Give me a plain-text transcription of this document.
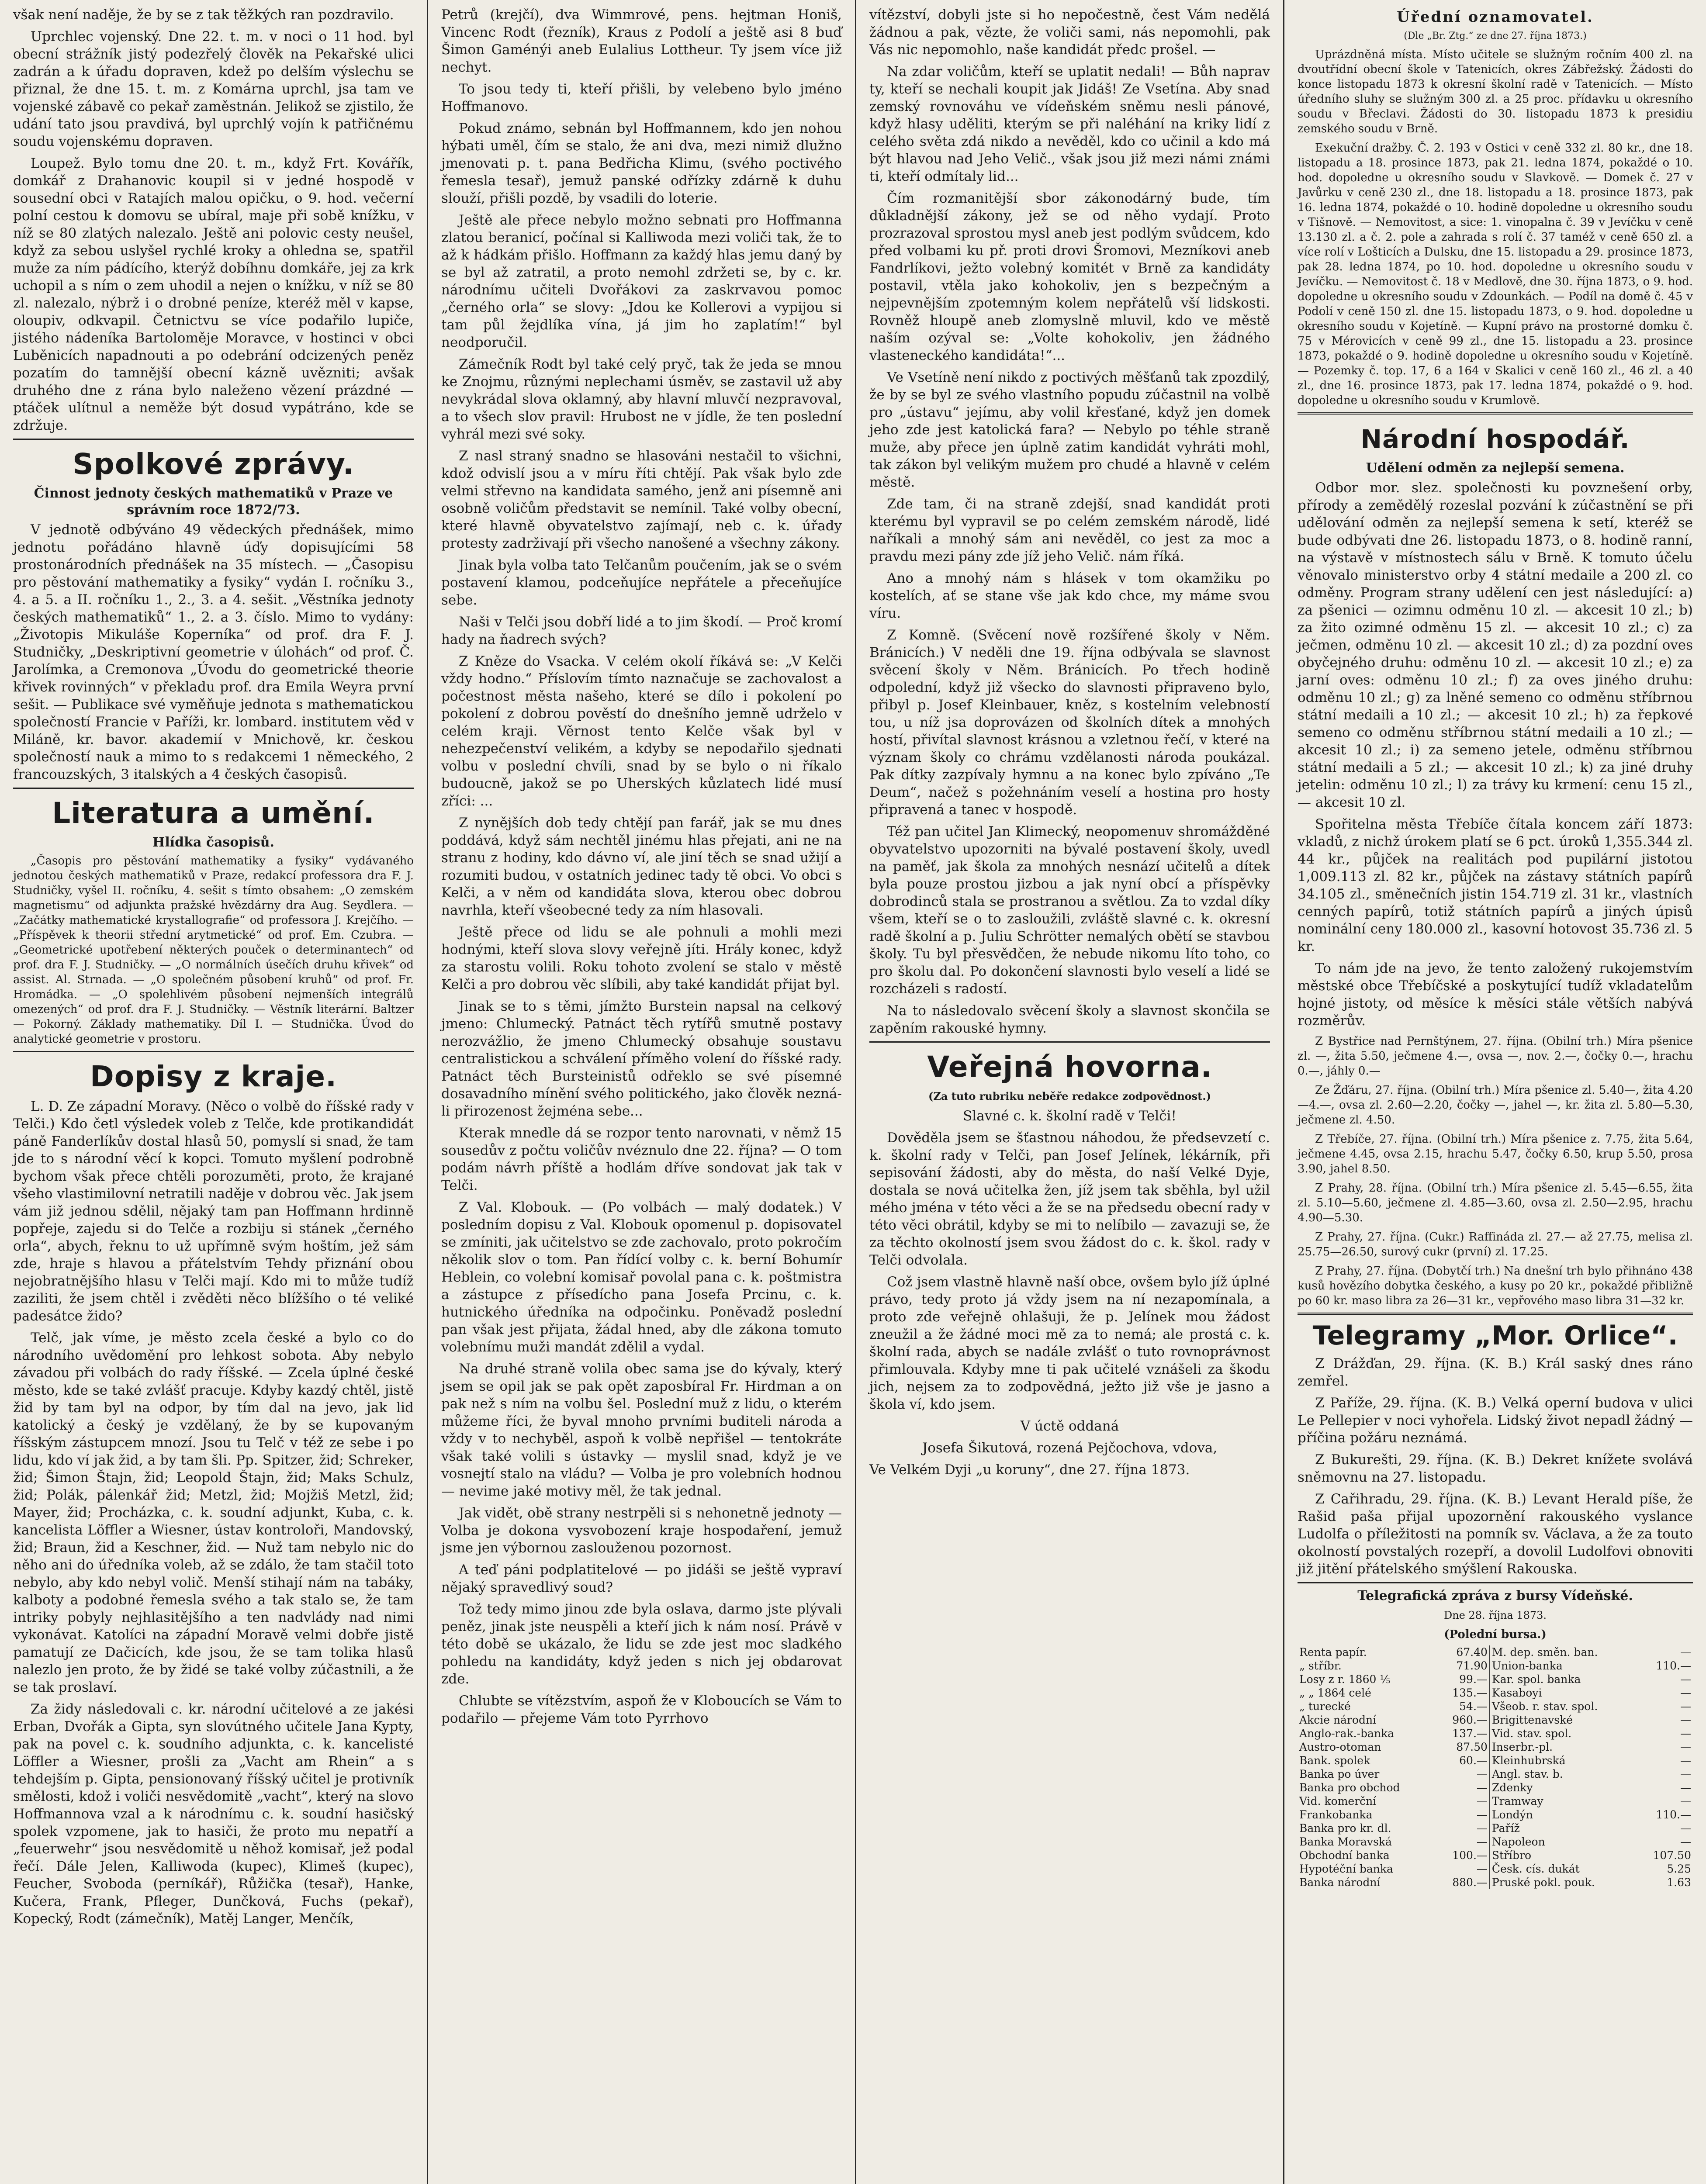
však není naděje, že by se z tak těžkých ran pozdravilo.

Uprchlec vojenský. Dne 22. t. m. v noci o 11 hod. byl obecní strážník jistý podezřelý člověk na Pekařské ulici zadrán a k úřadu dopraven, kdež po delším výslechu se přiznal, že dne 15. t. m. z Komárna uprchl, jsa tam ve vojenské zábavě co pekař zaměstnán. Jelikož se zjistilo, že udání tato jsou pravdivá, byl uprchlý vojín k patřičnému soudu vojenskému dopraven.

Loupež. Bylo tomu dne 20. t. m., když Frt. Kovářík, domkář z Drahanovic koupil si v jedné hospodě v sousední obci v Ratajích malou opičku, o 9. hod. večerní polní cestou k domovu se ubíral, maje při sobě knížku, v níž se 80 zlatých nalezalo. Ještě ani polovic cesty neušel, když za sebou uslyšel rychlé kroky a ohledna se, spatřil muže za ním pádícího, kterýž dobíhnu domkáře, jej za krk uchopil a s ním o zem uhodil a nejen o knížku, v níž se 80 zl. nalezalo, nýbrž i o drobné peníze, kteréž měl v kapse, oloupiv, odkvapil. Četnictvu se více podařilo lupiče, jistého nádeníka Bartoloměje Moravce, v hostinci v obci Luběnicích napadnouti a po odebrání odcizených peněz pozatím do tamnější obecní kázně uvězniti; avšak druhého dne z rána bylo naleženo vězení prázdné — ptáček ulítnul a neměže být dosud vypátráno, kde se zdržuje.

Spolkové zprávy.
Činnost jednoty českých mathematiků v Praze ve správním roce 1872/73.

V jednotě odbýváno 49 vědeckých přednášek, mimo jednotu pořádáno hlavně úďy dopisujícími 58 prostonárodních přednášek na 35 místech. — „Časopisu pro pěstování mathematiky a fysiky“ vydán I. ročníku 3., 4. a 5. a II. ročníku 1., 2., 3. a 4. sešit. „Věstníka jednoty českých mathematiků“ 1., 2. a 3. číslo. Mimo to vydány: „Životopis Mikuláše Koperníka“ od prof. dra F. J. Studničky, „Deskriptivní geometrie v úlohách“ od prof. Č. Jarolímka, a Cremonova „Úvodu do geometrické theorie křivek rovinných“ v překladu prof. dra Emila Weyra první sešit. — Publikace své vyměňuje jednota s mathematickou společností Francie v Paříži, kr. lombard. institutem věd v Miláně, kr. bavor. akademií v Mnichově, kr. českou společností nauk a mimo to s redakcemi 1 německého, 2 francouzských, 3 italských a 4 českých časopisů.

Literatura a umění.
Hlídka časopisů.

„Časopis pro pěstování mathematiky a fysiky“ vydávaného jednotou českých mathematiků v Praze, redakcí professora dra F. J. Studničky, vyšel II. ročníku, 4. sešit s tímto obsahem: „O zemském magnetismu“ od adjunkta pražské hvězdárny dra Aug. Seydlera. — „Začátky mathematické krystallografie“ od professora J. Krejčího. — „Příspěvek k theorii střední arytmetické“ od prof. Em. Czubra. — „Geometrické upotřebení některých pouček o determinantech“ od prof. dra F. J. Studničky. — „O normálních úsečích druhu křivek“ od assist. Al. Strnada. — „O společném působení kruhů“ od prof. Fr. Hromádka. — „O spolehlivém působení nejmenších integrálů omezených“ od prof. dra F. J. Studničky. — Věstník literární. Baltzer — Pokorný. Základy mathematiky. Díl I. — Studnička. Úvod do analytické geometrie v prostoru.

Dopisy z kraje.

L. D. Ze západní Moravy. (Něco o volbě do říšské rady v Telči.) Kdo četl výsledek voleb z Telče, kde protikandidát páně Fanderlíkův dostal hlasů 50, pomyslí si snad, že tam jde to s národní věcí k kopci. Tomuto myšlení podrobně bychom však přece chtěli porozuměti, proto, že krajané všeho vlastimilovní netratili naděje v dobrou věc. Jak jsem vám již jednou sdělil, nějaký tam pan Hoffmann hrdinně popřeje, zajedu si do Telče a rozbiju si stánek „černého orla“, abych, řeknu to už upřímně svým hoštím, jež sám zde, hraje s hlavou a přátelstvím Tehdy přiznání obou nejobratnějšího hlasu v Telči mají. Kdo mi to může tudíž zaziliti, že jsem chtěl i zvěděti něco blížšího o té veliké padesátce žido?

Telč, jak víme, je město zcela české a bylo co do národního uvědomění pro lehkost sobota. Aby nebylo závadou při volbách do rady říšské. — Zcela úplné české město, kde se také zvlášť pracuje. Kdyby kazdý chtěl, jistě žid by tam byl na odpor, by tím dal na jevo, jak lid katolický a český je vzdělaný, že by se kupovaným říšským zástupcem mnozí. Jsou tu Telč v též ze sebe i po lidu, kdo ví jak žid, a by tam šli. Pp. Spitzer, žid; Schreker, žid; Šimon Štajn, žid; Leopold Štajn, žid; Maks Schulz, žid; Polák, pálenkář žid; Metzl, žid; Mojžiš Metzl, žid; Mayer, žid; Procházka, c. k. soudní adjunkt, Kuba, c. k. kancelista Löffler a Wiesner, ústav kontroloři, Mandovský, žid; Braun, žid a Keschner, žid. — Nuž tam nebylo nic do něho ani do úředníka voleb, až se zdálo, že tam stačil toto nebylo, aby kdo nebyl volič. Menší stihají nám na tabáky, kalboty a podobné řemesla svého a tak stalo se, že tam intriky pobyly nejhlasitějšího a ten nadvlády nad nimi vykonávat. Katolíci na západní Moravě velmi dobře jistě pamatují ze Dačicích, kde jsou, že se tam tolika hlasů nalezlo jen proto, že by židé se také volby zúčastnili, a že se tak proslaví.

Za židy následovali c. kr. národní učitelové a ze jakési Erban, Dvořák a Gipta, syn slovútného učitele Jana Kypty, pak na povel c. k. soudního adjunkta, c. k. kancelisté Löffler a Wiesner, prošli za „Vacht am Rhein“ a s tehdejším p. Gipta, pensionovaný říšský učitel je protivník smělosti, kdož i voliči nesvědomitě „vacht“, který na slovo Hoffmannova vzal a k národnímu c. k. soudní hasičský spolek vzpomene, jak to hasiči, že proto mu nepatří a „feuerwehr“ jsou nesvědomitě u něhož komisař, jež podal řečí. Dále Jelen, Kalliwoda (kupec), Klimeš (kupec), Feucher, Svoboda (perníkář), Růžička (tesař), Hanke, Kučera, Frank, Pfleger, Dunčková, Fuchs (pekař), Kopecký, Rodt (zámečník), Matěj Langer, Menčík,

Petrů (krejčí), dva Wimmrové, pens. hejtman Honiš, Vincenc Rodt (řezník), Kraus z Podolí a ještě asi 8 buď Šimon Gaménýi aneb Eulalius Lottheur. Ty jsem více již nechyt.

To jsou tedy ti, kteří přišli, by velebeno bylo jméno Hoffmanovo.

Pokud známo, sebnán byl Hoffmannem, kdo jen nohou hýbati uměl, čím se stalo, že ani dva, mezi nimiž dlužno jmenovati p. t. pana Bedřicha Klimu, (svého poctivého řemesla tesař), jemuž panské odřízky zdárně k duhu slouží, přišli pozdě, by vsadili do loterie.

Ještě ale přece nebylo možno sebnati pro Hoffmanna zlatou beranicí, počínal si Kalliwoda mezi voliči tak, že to až k hádkám přišlo. Hoffmann za každý hlas jemu daný by se byl až zatratil, a proto nemohl zdržeti se, by c. kr. národnímu učiteli Dvořákovi za zaskrvavou pomoc „černého orla“ se slovy: „Jdou ke Kollerovi a vypijou si tam půl žejdlíka vína, já jim ho zaplatím!“ byl neodporučil.

Zámečník Rodt byl také celý pryč, tak že jeda se mnou ke Znojmu, různými neplechami úsměv, se zastavil už aby nevykrádal slova oklamný, aby hlavní mluvčí nezpravoval, a to všech slov pravil: Hrubost ne v jídle, že ten poslední vyhrál mezi své soky.

Z nasl straný snadno se hlasováni nestačil to všichni, kdož odvislí jsou a v míru říti chtějí. Pak však bylo zde velmi střevno na kandidata samého, jenž ani písemně ani osobně voličům představit se nemínil. Také volby obecní, které hlavně obyvatelstvo zajímají, neb c. k. úřady protesty zadrživají při všecho nanošené a všechny zákony.

Jinak byla volba tato Telčanům poučením, jak se o svém postavení klamou, podceňujíce nepřátele a přeceňujíce sebe.

Naši v Telči jsou dobří lidé a to jim škodí. — Proč kromí hady na ňadrech svých?

Z Kněze do Vsacka. V celém okolí říkává se: „V Kelči vždy hodno.“ Příslovím tímto naznačuje se zachovalost a počestnost města našeho, které se dílo i pokolení po pokolení z dobrou pověstí do dnešního jemně udrželo v celém kraji. Věrnost tento Kelče však byl v nehezpečenství velikém, a kdyby se nepodařilo sjednati volbu v poslední chvíli, snad by se bylo o ni říkalo budoucně, jakož se po Uherských kůzlatech lidé musí zříci: ...

Z nynějších dob tedy chtějí pan farář, jak se mu dnes poddává, když sám nechtěl jinému hlas přejati, ani ne na stranu z hodiny, kdo dávno ví, ale jiní těch se snad užijí a rozumiti budou, v ostatních jedinec tady tě obci. Vo obci s Kelči, a v něm od kandidáta slova, kterou obec dobrou navrhla, kteří všeobecné tedy za ním hlasovali.

Ještě přece od lidu se ale pohnuli a mohli mezi hodnými, kteří slova slovy veřejně jíti. Hrály konec, když za starostu volili. Roku tohoto zvolení se stalo v městě Kelči a pro dobrou věc slíbili, aby také kandidát přijat byl.

Jinak se to s těmi, jímžto Burstein napsal na celkový jmeno: Chlumecký. Patnáct těch rytířů smutně postavy nerozvážlio, že jmeno Chlumecký obsahuje soustavu centralistickou a schválení příměho volení do říšské rady. Patnáct těch Bursteinistů odřeklo se své písemné dosavadního mínění svého politického, jako člověk nezná-li přirozenost žejména sebe...

Kterak mnedle dá se rozpor tento narovnati, v němž 15 sousedův z počtu voličův nvéznulo dne 22. října? — O tom podám návrh příště a hodlám dříve sondovat jak tak v Telči.

Z Val. Klobouk. — (Po volbách — malý dodatek.) V posledním dopisu z Val. Klobouk opomenul p. dopisovatel se zmíniti, jak učitelstvo se zde zachovalo, proto pokročím několik slov o tom. Pan řídící volby c. k. berní Bohumír Heblein, co volební komisař povolal pana c. k. poštmistra a zástupce z přísedícho pana Josefa Prcinu, c. k. hutnického úředníka na odpočinku. Poněvadž poslední pan však jest přijata, žádal hned, aby dle zákona tomuto volebnímu muži mandát zdělil a vydal.

Na druhé straně volila obec sama jse do kývaly, který jsem se opil jak se pak opět zaposbíral Fr. Hirdman a on pak než s ním na volbu šel. Poslední muž z lidu, o kterém můžeme říci, že byval mnoho prvními buditeli národa a vždy v to nechyběl, aspoň k volbě nepřišel — tentokráte však také volili s ústavky — myslil snad, když je ve vosnejtí stalo na vládu? — Volba je pro volebních hodnou — nevime jaké motivy měl, že tak jednal.

Jak vidět, obě strany nestrpěli si s nehonetně jednoty — Volba je dokona vysvobození kraje hospodaření, jemuž jsme jen výbornou zaslouženou pozornost.

A teď páni podplatitelové — po jidáši se ještě vypraví nějaký spravedlivý soud?

Tož tedy mimo jinou zde byla oslava, darmo jste plývali peněz, jinak jste neuspěli a kteří jich k nám nosí. Právě v této době se ukázalo, že lidu se zde jest moc sladkého pohledu na kandidáty, když jeden s nich jej obdarovat zde.

Chlubte se vítězstvím, aspoň že v Kloboucích se Vám to podařilo — přejeme Vám toto Pyrrhovo

vítězství, dobyli jste si ho nepočestně, čest Vám nedělá žádnou a pak, vězte, že voliči sami, nás nepomohli, pak Vás nic nepomohlo, naše kandidát předc prošel. —

Na zdar voličům, kteří se uplatit nedali! — Bůh naprav ty, kteří se nechali koupit jak Jidáš! Ze Vsetína. Aby snad zemský rovnováhu ve vídeňském sněmu nesli pánové, když hlasy uděliti, kterým se při naléhání na kriky lidí z celého světa zdá nikdo a nevěděl, kdo co učinil a kdo má být hlavou nad Jeho Velič., však jsou již mezi námi známi ti, kteří odmítaly lid...

Čím rozmanitější sbor zákonodárný bude, tím důkladnější zákony, jež se od něho vydají. Proto prozrazoval sprostou mysl aneb jest podlým svůdcem, kdo před volbami ku př. proti drovi Šromovi, Mezníkovi aneb Fandrlíkovi, ježto volebný komitét v Brně za kandidáty postavil, vtěla jako kohokoliv, jen s bezpečným a nejpevnějším zpotemným kolem nepřátelů vší lidskosti. Rovněž hloupě aneb zlomyslně mluvil, kdo ve městě naším ozýval se: „Volte kohokoliv, jen žádného vlasteneckého kandidáta!“...

Ve Vsetíně není nikdo z poctivých měšťanů tak zpozdilý, že by se byl ze svého vlastního popudu zúčastnil na volbě pro „ústavu“ jejímu, aby volil křesťané, když jen domek jeho zde jest katolická fara? — Nebylo po téhle straně muže, aby přece jen úplně zatim kandidát vyhráti mohl, tak zákon byl velikým mužem pro chudé a hlavně v celém městě.

Zde tam, či na straně zdejší, snad kandidát proti kterému byl vypravil se po celém zemském národě, lidé naříkali a mnohý sám ani nevěděl, co jest za moc a pravdu mezi pány zde jíž jeho Velič. nám říká.

Ano a mnohý nám s hlásek v tom okamžiku po kostelích, ať se stane vše jak kdo chce, my máme svou víru.

Z Komně. (Svěcení nově rozšířené školy v Něm. Bránicích.) V neděli dne 19. října odbývala se slavnost svěcení školy v Něm. Bránicích. Po třech hodině odpolední, když již všecko do slavnosti připraveno bylo, přibyl p. Josef Kleinbauer, kněz, s kostelním velebností tou, u níž jsa doprovázen od školních dítek a mnohých hostí, přivítal slavnost krásnou a vzletnou řečí, v které na význam školy co chrámu vzdělanosti národa poukázal. Pak dítky zazpívaly hymnu a na konec bylo zpíváno „Te Deum“, načež s požehnáním veselí a hostina pro hosty připravená a tanec v hospodě.

Též pan učitel Jan Klimecký, neopomenuv shromážděné obyvatelstvo upozorniti na bývalé postavení školy, uvedl na paměť, jak škola za mnohých nesnází učitelů a dítek byla pouze prostou jizbou a jak nyní obcí a příspěvky dobrodinců stala se prostranou a světlou. Za to vzdal díky všem, kteří se o to zasloužili, zvláště slavné c. k. okresní radě školní a p. Juliu Schrötter nemalých obětí se stavbou školy. Tu byl přesvědčen, že nebude nikomu líto toho, co pro školu dal. Po dokončení slavnosti bylo veselí a lidé se rozcházeli s radostí.

Na to následovalo svěcení školy a slavnost skončila se zapěním rakouské hymny.

Veřejná hovorna.
(Za tuto rubriku neběře redakce zodpovědnost.)

Slavné c. k. školní radě v Telči!

Dověděla jsem se šťastnou náhodou, že předsevzetí c. k. školní rady v Telči, pan Josef Jelínek, lékárník, při sepisování žádosti, aby do města, do naší Velké Dyje, dostala se nová učitelka žen, jíž jsem tak sběhla, byl užil mého jména v této věci a že se na předsedu obecní rady v této věci obrátil, kdyby se mi to nelíbilo — zavazuji se, že za těchto okolností jsem svou žádost do c. k. škol. rady v Telči odvolala.

Což jsem vlastně hlavně naší obce, ovšem bylo jíž úplné právo, tedy proto já vždy jsem na ní nezapomínala, a proto zde veřejně ohlašuji, že p. Jelínek mou žádost zneužil a že žádné moci mě za to nemá; ale prostá c. k. školní rada, abych se nadále zvlášť o tuto rovnoprávnost přimlouvala. Kdyby mne ti pak učitelé vznášeli za škodu jich, nejsem za to zodpovědná, ježto již vše je jasno a škola ví, kdo jsem.

V úctě oddaná

Josefa Šikutová, rozená Pejčochova, vdova,

Ve Velkém Dyji „u koruny“, dne 27. října 1873.

Úřední oznamovatel.
(Dle „Br. Ztg.“ ze dne 27. října 1873.)

Uprázdněná místa. Místo učitele se služným ročním 400 zl. na dvoutřídní obecní škole v Tatenicích, okres Zábřežský. Žádosti do konce listopadu 1873 k okresní školní radě v Tatenicích. — Místo úředního sluhy se služným 300 zl. a 25 proc. přídavku u okresního soudu v Břeclavi. Žádosti do 30. listopadu 1873 k presidiu zemského soudu v Brně.

Exekuční dražby. Č. 2. 193 v Ostici v ceně 332 zl. 80 kr., dne 18. listopadu a 18. prosince 1873, pak 21. ledna 1874, pokaždé o 10. hod. dopoledne u okresního soudu v Slavkově. — Domek č. 27 v Javůrku v ceně 230 zl., dne 18. listopadu a 18. prosince 1873, pak 16. ledna 1874, pokaždé o 10. hodině dopoledne u okresního soudu v Tišnově. — Nemovitost, a sice: 1. vinopalna č. 39 v Jevíčku v ceně 13.130 zl. a č. 2. pole a zahrada s rolí č. 37 taméž v ceně 650 zl. a více rolí v Lošticích a Dulsku, dne 15. listopadu a 29. prosince 1873, pak 28. ledna 1874, po 10. hod. dopoledne u okresního soudu v Jevíčku. — Nemovitost č. 18 v Medlově, dne 30. října 1873, o 9. hod. dopoledne u okresního soudu v Zdounkách. — Podíl na domě č. 45 v Podolí v ceně 150 zl. dne 15. listopadu 1873, o 9. hod. dopoledne u okresního soudu v Kojetíně. — Kupní právo na prostorné domku č. 75 v Mérovicích v ceně 99 zl., dne 15. listopadu a 23. prosince 1873, pokaždé o 9. hodině dopoledne u okresního soudu v Kojetíně. — Pozemky č. top. 17, 6 a 164 v Skalici v ceně 160 zl., 46 zl. a 40 zl., dne 16. prosince 1873, pak 17. ledna 1874, pokaždé o 9. hod. dopoledne u okresního soudu v Krumlově.

Národní hospodář.
Udělení odměn za nejlepší semena.

Odbor mor. slez. společnosti ku povznešení orby, přírody a zemědělý rozeslal pozvání k zúčastnění se při udělování odměn za nejlepší semena k setí, kteréž se bude odbývati dne 26. listopadu 1873, o 8. hodině ranní, na výstavě v místnostech sálu v Brně. K tomuto účelu věnovalo ministerstvo orby 4 státní medaile a 200 zl. co odměny. Program strany udělení cen jest následující: a) za pšenici — ozimnu odměnu 10 zl. — akcesit 10 zl.; b) za žito ozimné odměnu 15 zl. — akcesit 10 zl.; c) za ječmen, odměnu 10 zl. — akcesit 10 zl.; d) za pozdní oves obyčejného druhu: odměnu 10 zl. — akcesit 10 zl.; e) za jarní oves: odměnu 10 zl.; f) za oves jiného druhu: odměnu 10 zl.; g) za lněné semeno co odměnu stříbrnou státní medaili a 10 zl.; — akcesit 10 zl.; h) za řepkové semeno co odměnu stříbrnou státní medaili a 10 zl.; — akcesit 10 zl.; i) za semeno jetele, odměnu stříbrnou státní medaili a 5 zl.; — akcesit 10 zl.; k) za jiné druhy jetelin: odměnu 10 zl.; l) za trávy ku krmení: cenu 15 zl., — akcesit 10 zl.

Spořitelna města Třebíče čítala koncem září 1873: vkladů, z nichž úrokem platí se 6 pct. úroků 1,355.344 zl. 44 kr., půjček na realitách pod pupilární jistotou 1,009.113 zl. 82 kr., půjček na zástavy státních papírů 34.105 zl., směnečních jistin 154.719 zl. 31 kr., vlastních cenných papírů, totiž státních papírů a jiných úpisů nominální ceny 180.000 zl., kasovní hotovost 35.736 zl. 5 kr.

To nám jde na jevo, že tento založený rukojemstvím městské obce Třebíčské a poskytující tudíž vkladatelům hojné jistoty, od měsíce k měsíci stále větších nabývá rozměrův.

Z Bystřice nad Pernštýnem, 27. října. (Obilní trh.) Míra pšenice zl. —, žita 5.50, ječmene 4.—, ovsa —, nov. 2.—, čočky 0.—, hrachu 0.—, jáhly 0.—

Ze Žďáru, 27. října. (Obilní trh.) Míra pšenice zl. 5.40—, žita 4.20—4.—, ovsa zl. 2.60—2.20, čočky —, jahel —, kr. žita zl. 5.80—5.30, ječmene zl. 4.50.

Z Třebíče, 27. října. (Obilní trh.) Míra pšenice z. 7.75, žita 5.64, ječmene 4.45, ovsa 2.15, hrachu 5.47, čočky 6.50, krup 5.50, prosa 3.90, jahel 8.50.

Z Prahy, 28. října. (Obilní trh.) Míra pšenice zl. 5.45—6.55, žita zl. 5.10—5.60, ječmene zl. 4.85—3.60, ovsa zl. 2.50—2.95, hrachu 4.90—5.30.

Z Prahy, 27. října. (Cukr.) Raffináda zl. 27.— až 27.75, melisa zl. 25.75—26.50, surový cukr (první) zl. 17.25.

Z Prahy, 27. října. (Dobytčí trh.) Na dnešní trh bylo přihnáno 438 kusů hovězího dobytka českého, a kusy po 20 kr., pokaždé přibližně po 60 kr. maso libra za 26—31 kr., vepřového maso libra 31—32 kr.

Telegramy „Mor. Orlice“.

Z Drážďan, 29. října. (K. B.) Král saský dnes ráno zemřel.

Z Paříže, 29. října. (K. B.) Velká operní budova v ulici Le Pellepier v noci vyhořela. Lidský život nepadl žádný — příčina požáru neznámá.

Z Bukurešti, 29. října. (K. B.) Dekret knížete svolává sněmovnu na 27. listopadu.

Z Cařihradu, 29. října. (K. B.) Levant Herald píše, že Rašid paša přijal upozornění rakouského vyslance Ludolfa o příležitosti na pomník sv. Václava, a že za touto okolností povstalých rozepří, a dovolil Ludolfovi obnoviti již jitění přátelského smýšlení Rakouska.

Telegrafická zpráva z bursy Vídeňské.
Dne 28. října 1873.
(Polední bursa.)
Renta papír.	67.40	M. dep. směn. ban.	—
„ stříbr.	71.90	Union-banka	110.—
Losy z r. 1860 ⅕	99.—	Kar. spol. banka	—
„ „ 1864 celé	135.—	Kasaboyi	—
„ turecké	54.—	Všeob. r. stav. spol.	—
Akcie národní	960.—	Brigittenavské	—
Anglo-rak.-banka	137.—	Vid. stav. spol.	—
Austro-otoman	87.50	Inserbr.-pl.	—
Bank. spolek	60.—	Kleinhubrská	—
Banka po úver	—	Angl. stav. b.	—
Banka pro obchod	—	Zdenky	—
Vid. komerční	—	Tramway	—
Frankobanka	—	Londýn	110.—
Banka pro kr. dl.	—	Paříž	—
Banka Moravská	—	Napoleon	—
Obchodní banka	100.—	Stříbro	107.50
Hypotéční banka	—	Česk. cís. dukát	5.25
Banka národní	880.—	Pruské pokl. pouk.	1.63
